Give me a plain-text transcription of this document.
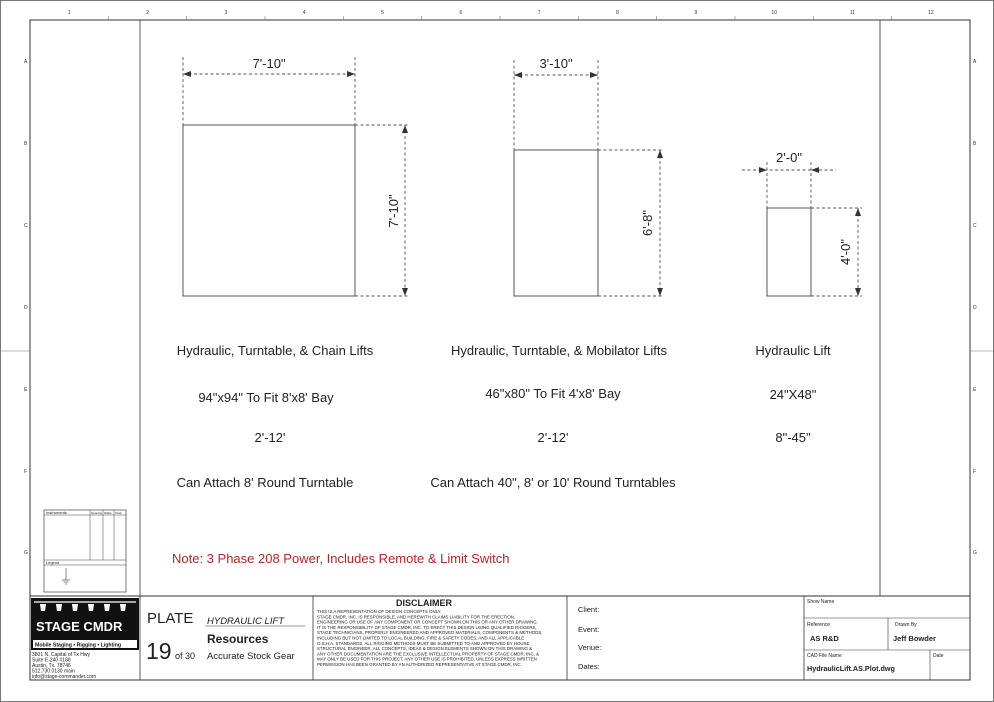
1	2	3	4	5	6	7	8	9	10	11	12
A
B
C
D
E
F
G
A
B
C
D
E
F
G
7'-10"
7'-10"
3'-10"
6'-8"
2'-0"
4'-0"
Hydraulic, Turntable, & Chain Lifts
94"x94" To Fit 8'x8' Bay
2'-12'
Can Attach 8' Round Turntable
Hydraulic, Turntable, & Mobilator Lifts
46"x80" To Fit 4'x8' Bay
2'-12'
Can Attach 40", 8' or 10' Round Turntables
Hydraulic Lift
24"X48"
8"-45"
Note: 3 Phase 208 Power, Includes Remote & Limit Switch
Instruments	Quantity Watts Total
Legend
STAGE CMDR
Mobile Staging • Rigging • Lighting
3801 N. Capital of Tx Hwy
Suite E-240 #188
Austin, Tx. 78746
512.730.0130 main
info@stage-commander.com
PLATE HYDRAULIC LIFT
Resources
19 of 30 Accurate Stock Gear
DISCLAIMER
THIS IS A REPRESENTATION OF DESIGN CONCEPTS ONLY.
STAGE CMDR, INC. IS RESPONSIBLE, AND HEREWITH CLAIMS LIABILITY FOR THE ERECTION,
ENGINEERING OR USE OF ANY COMPONENT OR CONCEPT SHOWN ON THIS OR ANY OTHER DRAWING.
IT IS THE RESPONSIBILITY OF STAGE CMDR, INC. TO ERECT THIS DESIGN USING QUALIFIED RIGGERS,
STAGE TECHNICIANS, PROPERLY ENGINEERED AND APPROVED MATERIALS, COMPONENTS & METHODS,
INCLUDING BUT NOT LIMITED TO LOCAL BUILDING, FIRE & SAFETY CODES, AND ALL APPLICABLE
O.S.H.A. STANDARDS. ALL RIGGING METHODS MUST BE SUBMITTED TO AND APPROVED BY HOUSE
STRUCTURAL ENGINEER. ALL CONCEPTS, IDEAS & DESIGN ELEMENTS SHOWN ON THIS DRAWING &
ANY OTHER DOCUMENTATION ARE THE EXCLUSIVE INTELLECTUAL PROPERTY OF STAGE CMDR, INC. &
MAY ONLY BE USED FOR THIS PROJECT. ANY OTHER USE IS PROHIBITED, UNLESS EXPRESS WRITTEN
PERMISSION HAS BEEN GRANTED BY AN AUTHORIZED REPRESENTATIVE AT STAGE CMDR, INC.
Client:
Event:
Venue:
Dates:
Show Name
Reference
AS R&D
Drawn By
Jeff Bowder
CAD File Name
HydraulicLift.AS.Plot.dwg
Date
